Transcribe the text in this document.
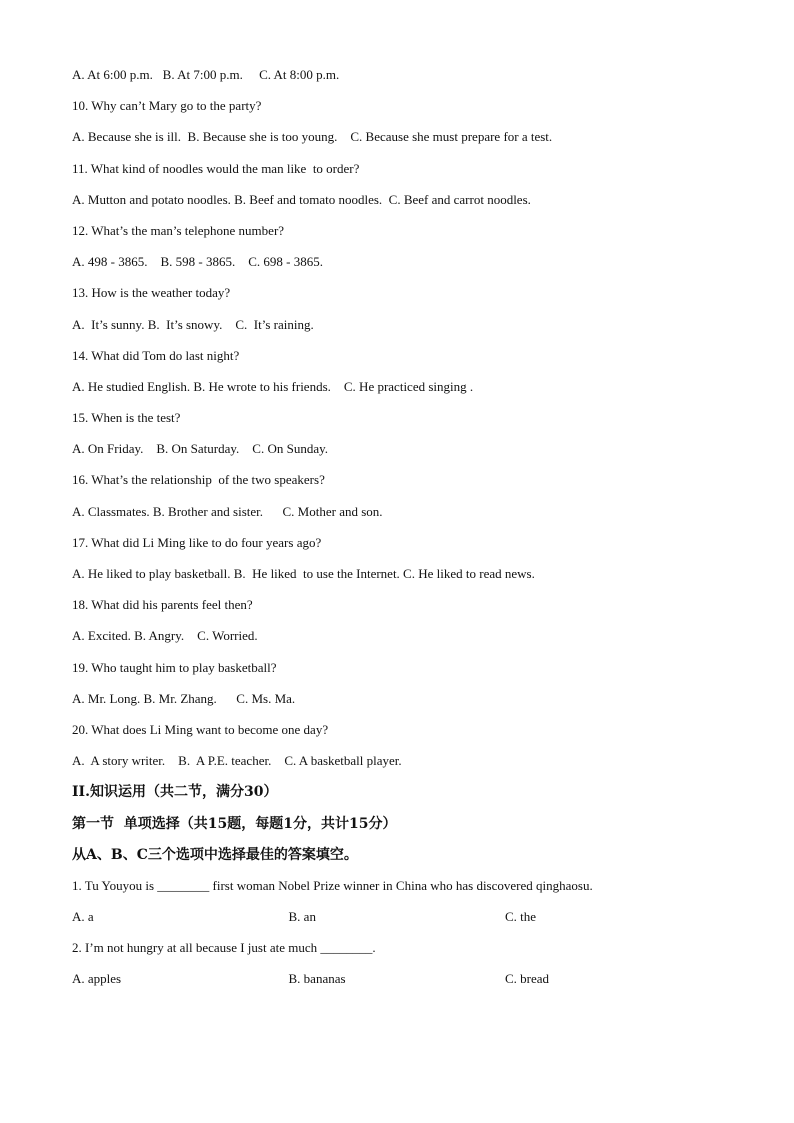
A. At 6:00 p.m.   B. At 7:00 p.m.     C. At 8:00 p.m.
10. Why can’t Mary go to the party?
A. Because she is ill.  B. Because she is too young.    C. Because she must prepare for a test.
11. What kind of noodles would the man like  to order?
A. Mutton and potato noodles. B. Beef and tomato noodles.  C. Beef and carrot noodles.
12. What’s the man’s telephone number?
A. 498 - 3865.    B. 598 - 3865.    C. 698 - 3865.
13. How is the weather today?
A.  It’s sunny. B.  It’s snowy.    C.  It’s raining.
14. What did Tom do last night?
A. He studied English. B. He wrote to his friends.    C. He practiced singing .
15. When is the test?
A. On Friday.    B. On Saturday.    C. On Sunday.
16. What’s the relationship  of the two speakers?
A. Classmates. B. Brother and sister.      C. Mother and son.
17. What did Li Ming like to do four years ago?
A. He liked to play basketball. B.  He liked  to use the Internet. C. He liked to read news.
18. What did his parents feel then?
A. Excited. B. Angry.    C. Worried.
19. Who taught him to play basketball?
A. Mr. Long. B. Mr. Zhang.      C. Ms. Ma.
20. What does Li Ming want to become one day?
A.  A story writer.    B.  A P.E. teacher.    C. A basketball player.
II.知识运用（共二节，满分30）
第一节  单项选择（共15题，每题1分，共计15分）
从A、B、C三个选项中选择最佳的答案填空。
1. Tu Youyou is ________ first woman Nobel Prize winner in China who has discovered qinghaosu.
A. a	B. an	C. the
2. I’m not hungry at all because I just ate much ________.
A. apples	B. bananas	C. bread
